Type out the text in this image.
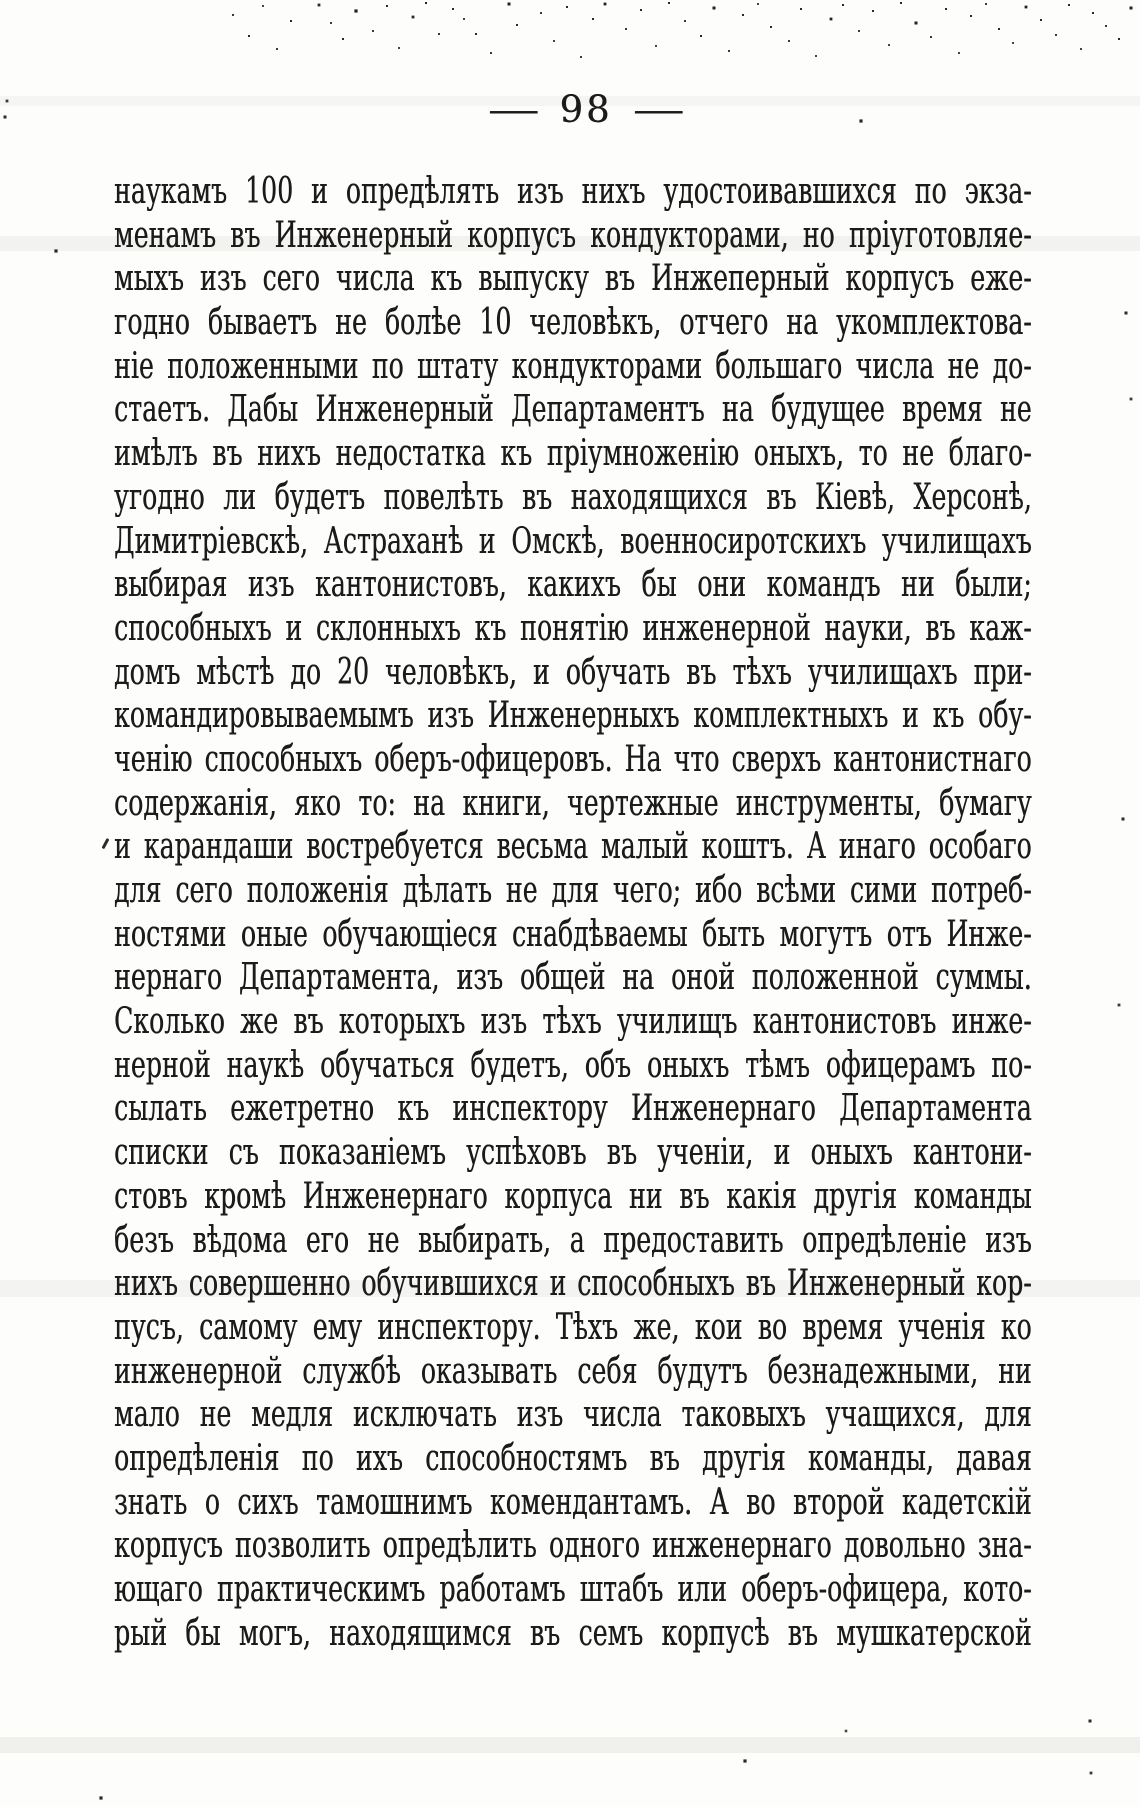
— 98 —
наукамъ 100 и опредѣлять изъ нихъ удостоивавшихся по экза-
менамъ въ Инженерный корпусъ кондукторами, но пріуготовляе-
мыхъ изъ сего числа къ выпуску въ Инжеперный корпусъ еже-
годно бываетъ не болѣе 10 человѣкъ, отчего на укомплектова-
ніе положенными по штату кондукторами большаго числа не до-
стаетъ. Дабы Инженерный Департаментъ на будущее время не
имѣлъ въ нихъ недостатка къ пріумноженію оныхъ, то не благо-
угодно ли будетъ повелѣть въ находящихся въ Кіевѣ, Херсонѣ,
Димитріевскѣ, Астраханѣ и Омскѣ, военносиротскихъ училищахъ
выбирая изъ кантонистовъ, какихъ бы они командъ ни были;
способныхъ и склонныхъ къ понятію инженерной науки, въ каж-
домъ мѣстѣ до 20 человѣкъ, и обучать въ тѣхъ училищахъ при-
командировываемымъ изъ Инженерныхъ комплектныхъ и къ обу-
ченію способныхъ оберъ-офицеровъ. На что сверхъ кантонистнаго
содержанія, яко то: на книги, чертежные инструменты, бумагу
и карандаши востребуется весьма малый коштъ. А инаго особаго
для сего положенія дѣлать не для чего; ибо всѣми сими потреб-
ностями оные обучающіеся снабдѣваемы быть могутъ отъ Инже-
нернаго Департамента, изъ общей на оной положенной суммы.
Сколько же въ которыхъ изъ тѣхъ училищъ кантонистовъ инже-
нерной наукѣ обучаться будетъ, объ оныхъ тѣмъ офицерамъ по-
сылать ежетретно къ инспектору Инженернаго Департамента
списки съ показаніемъ успѣховъ въ ученіи, и оныхъ кантони-
стовъ кромѣ Инженернаго корпуса ни въ какія другія команды
безъ вѣдома его не выбирать, а предоставить опредѣленіе изъ
нихъ совершенно обучившихся и способныхъ въ Инженерный кор-
пусъ, самому ему инспектору. Тѣхъ же, кои во время ученія ко
инженерной службѣ оказывать себя будутъ безнадежными, ни
мало не медля исключать изъ числа таковыхъ учащихся, для
опредѣленія по ихъ способностямъ въ другія команды, давая
знать о сихъ тамошнимъ комендантамъ. А во второй кадетскій
корпусъ позволить опредѣлить одного инженернаго довольно зна-
ющаго практическимъ работамъ штабъ или оберъ-офицера, кото-
рый бы могъ, находящимся въ семъ корпусѣ въ мушкатерской
